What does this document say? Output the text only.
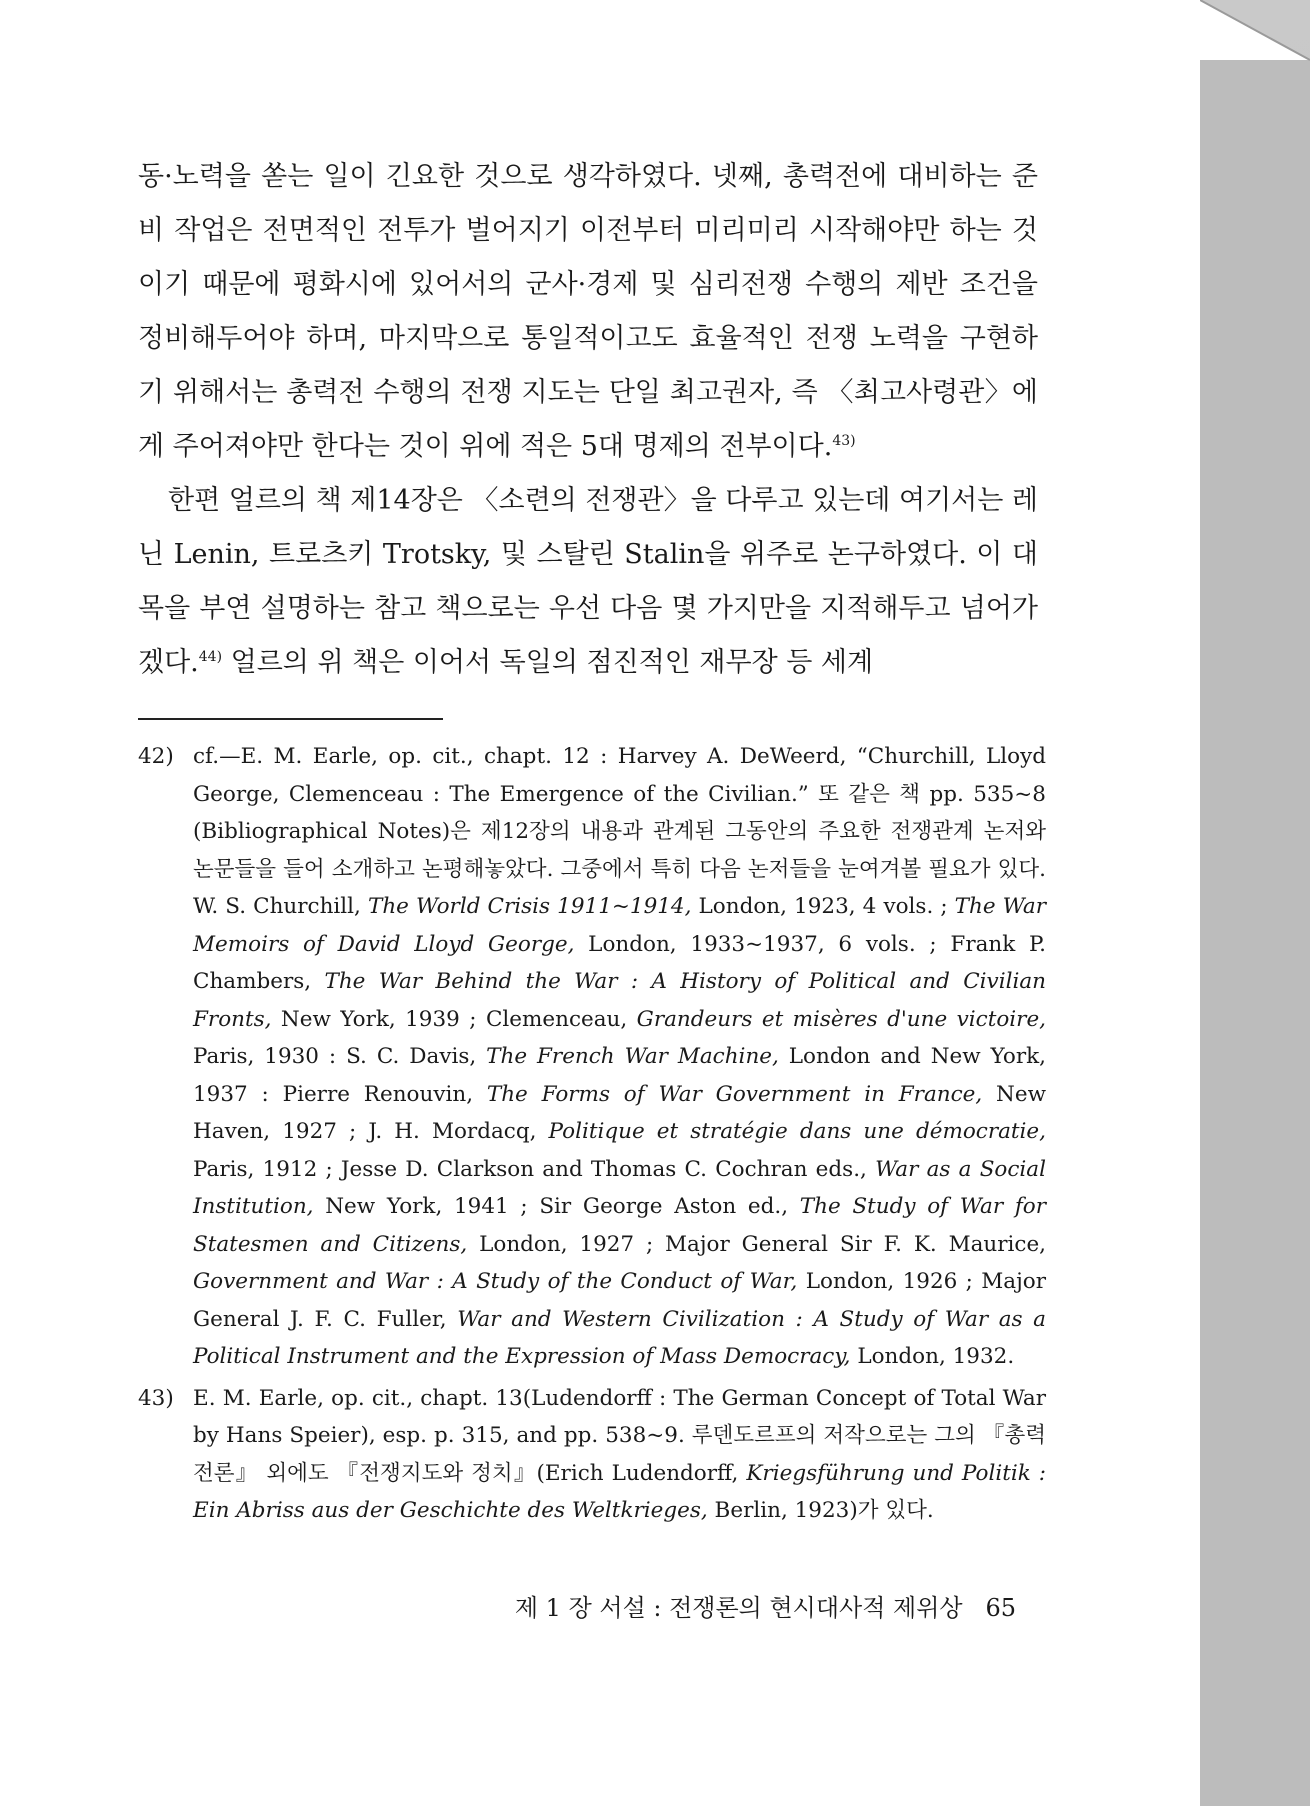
동·노력을 쏟는 일이 긴요한 것으로 생각하였다. 넷째, 총력전에 대비하는 준비 작업은 전면적인 전투가 벌어지기 이전부터 미리미리 시작해야만 하는 것이기 때문에 평화시에 있어서의 군사·경제 및 심리전쟁 수행의 제반 조건을 정비해두어야 하며, 마지막으로 통일적이고도 효율적인 전쟁 노력을 구현하기 위해서는 총력전 수행의 전쟁 지도는 단일 최고권자, 즉 〈최고사령관〉에게 주어져야만 한다는 것이 위에 적은 5대 명제의 전부이다.$^{43)}$

한편 얼르의 책 제14장은 〈소련의 전쟁관〉을 다루고 있는데 여기서는 레닌 Lenin, 트로츠키 Trotsky, 및 스탈린 Stalin을 위주로 논구하였다. 이 대목을 부연 설명하는 참고 책으로는 우선 다음 몇 가지만을 지적해두고 넘어가겠다.$^{44)}$ 얼르의 위 책은 이어서 독일의 점진적인 재무장 등 세계

42) cf.—E. M. Earle, op. cit., chapt. 12 : Harvey A. DeWeerd, “Churchill, Lloyd George, Clemenceau : The Emergence of the Civilian.” 또 같은 책 pp. 535~8 (Bibliographical Notes)은 제12장의 내용과 관계된 그동안의 주요한 전쟁관계 논저와 논문들을 들어 소개하고 논평해놓았다. 그중에서 특히 다음 논저들을 눈여겨볼 필요가 있다. W. S. Churchill, The World Crisis 1911~1914, London, 1923, 4 vols. ; The War Memoirs of David Lloyd George, London, 1933~1937, 6 vols. ; Frank P. Chambers, The War Behind the War : A History of Political and Civilian Fronts, New York, 1939 ; Clemenceau, Grandeurs et misères d'une victoire, Paris, 1930 : S. C. Davis, The French War Machine, London and New York, 1937 : Pierre Renouvin, The Forms of War Government in France, New Haven, 1927 ; J. H. Mordacq, Politique et stratégie dans une démocratie, Paris, 1912 ; Jesse D. Clarkson and Thomas C. Cochran eds., War as a Social Institution, New York, 1941 ; Sir George Aston ed., The Study of War for Statesmen and Citizens, London, 1927 ; Major General Sir F. K. Maurice, Government and War : A Study of the Conduct of War, London, 1926 ; Major General J. F. C. Fuller, War and Western Civilization : A Study of War as a Political Instrument and the Expression of Mass Democracy, London, 1932.

43) E. M. Earle, op. cit., chapt. 13(Ludendorff : The German Concept of Total War by Hans Speier), esp. p. 315, and pp. 538~9. 루덴도르프의 저작으로는 그의 『총력전론』 외에도 『전쟁지도와 정치』(Erich Ludendorff, Kriegsführung und Politik : Ein Abriss aus der Geschichte des Weltkrieges, Berlin, 1923)가 있다.

제 1 장 서설 : 전쟁론의 현시대사적 제위상 65
